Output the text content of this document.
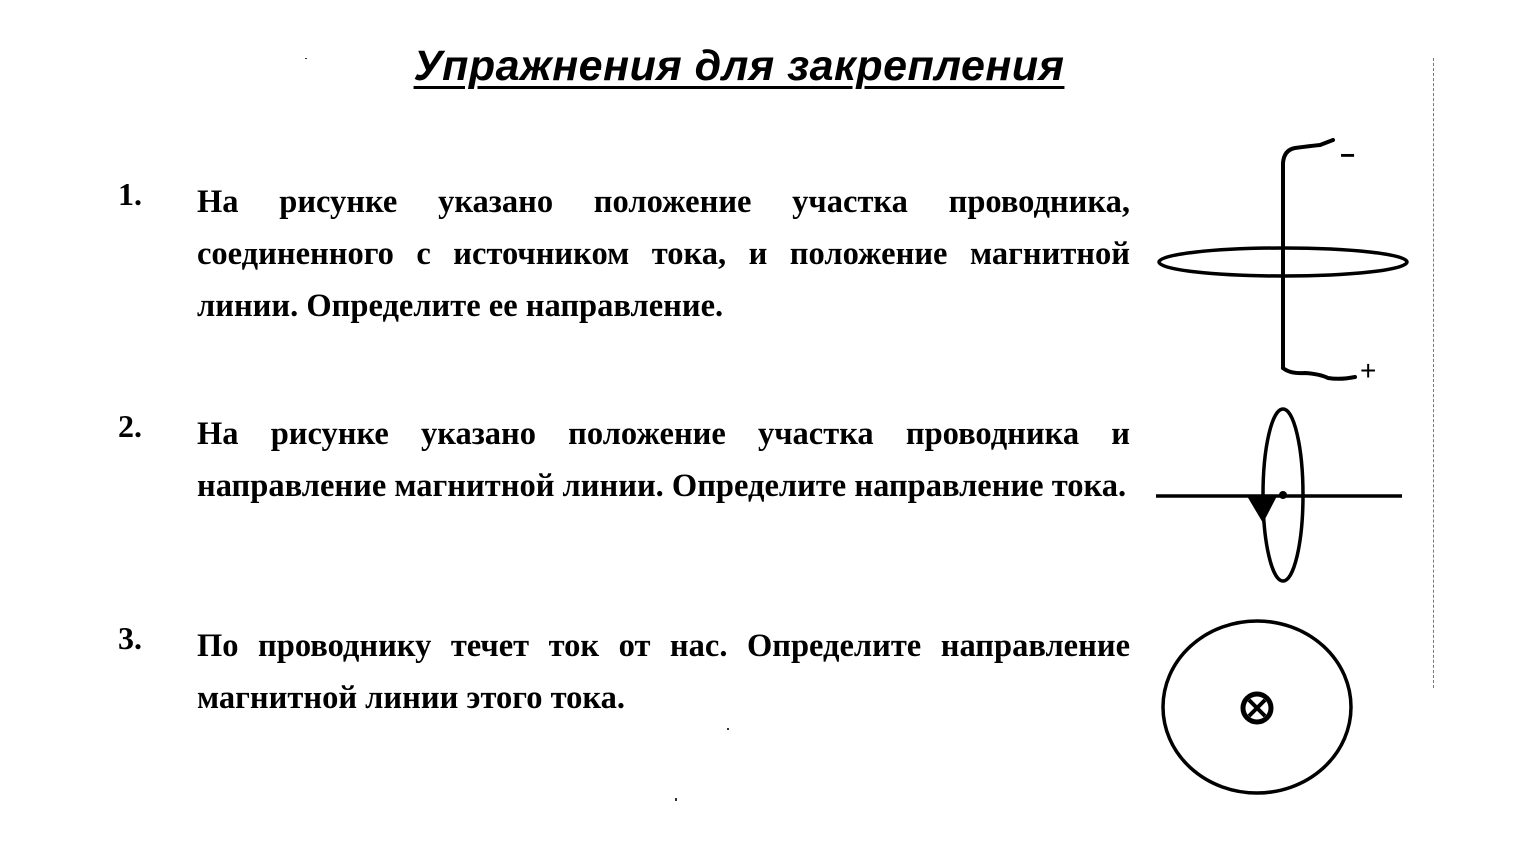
Упражнения для закрепления
1. На рисунке указано положение участка проводника, соединенного с источником тока, и положение магнитной линии. Определите ее направление.

2. На рисунке указано положение участка проводника и направление магнитной линии. Определите направление тока.

3. По проводнику течет ток от нас. Определите направление магнитной линии этого тока.

−
+
